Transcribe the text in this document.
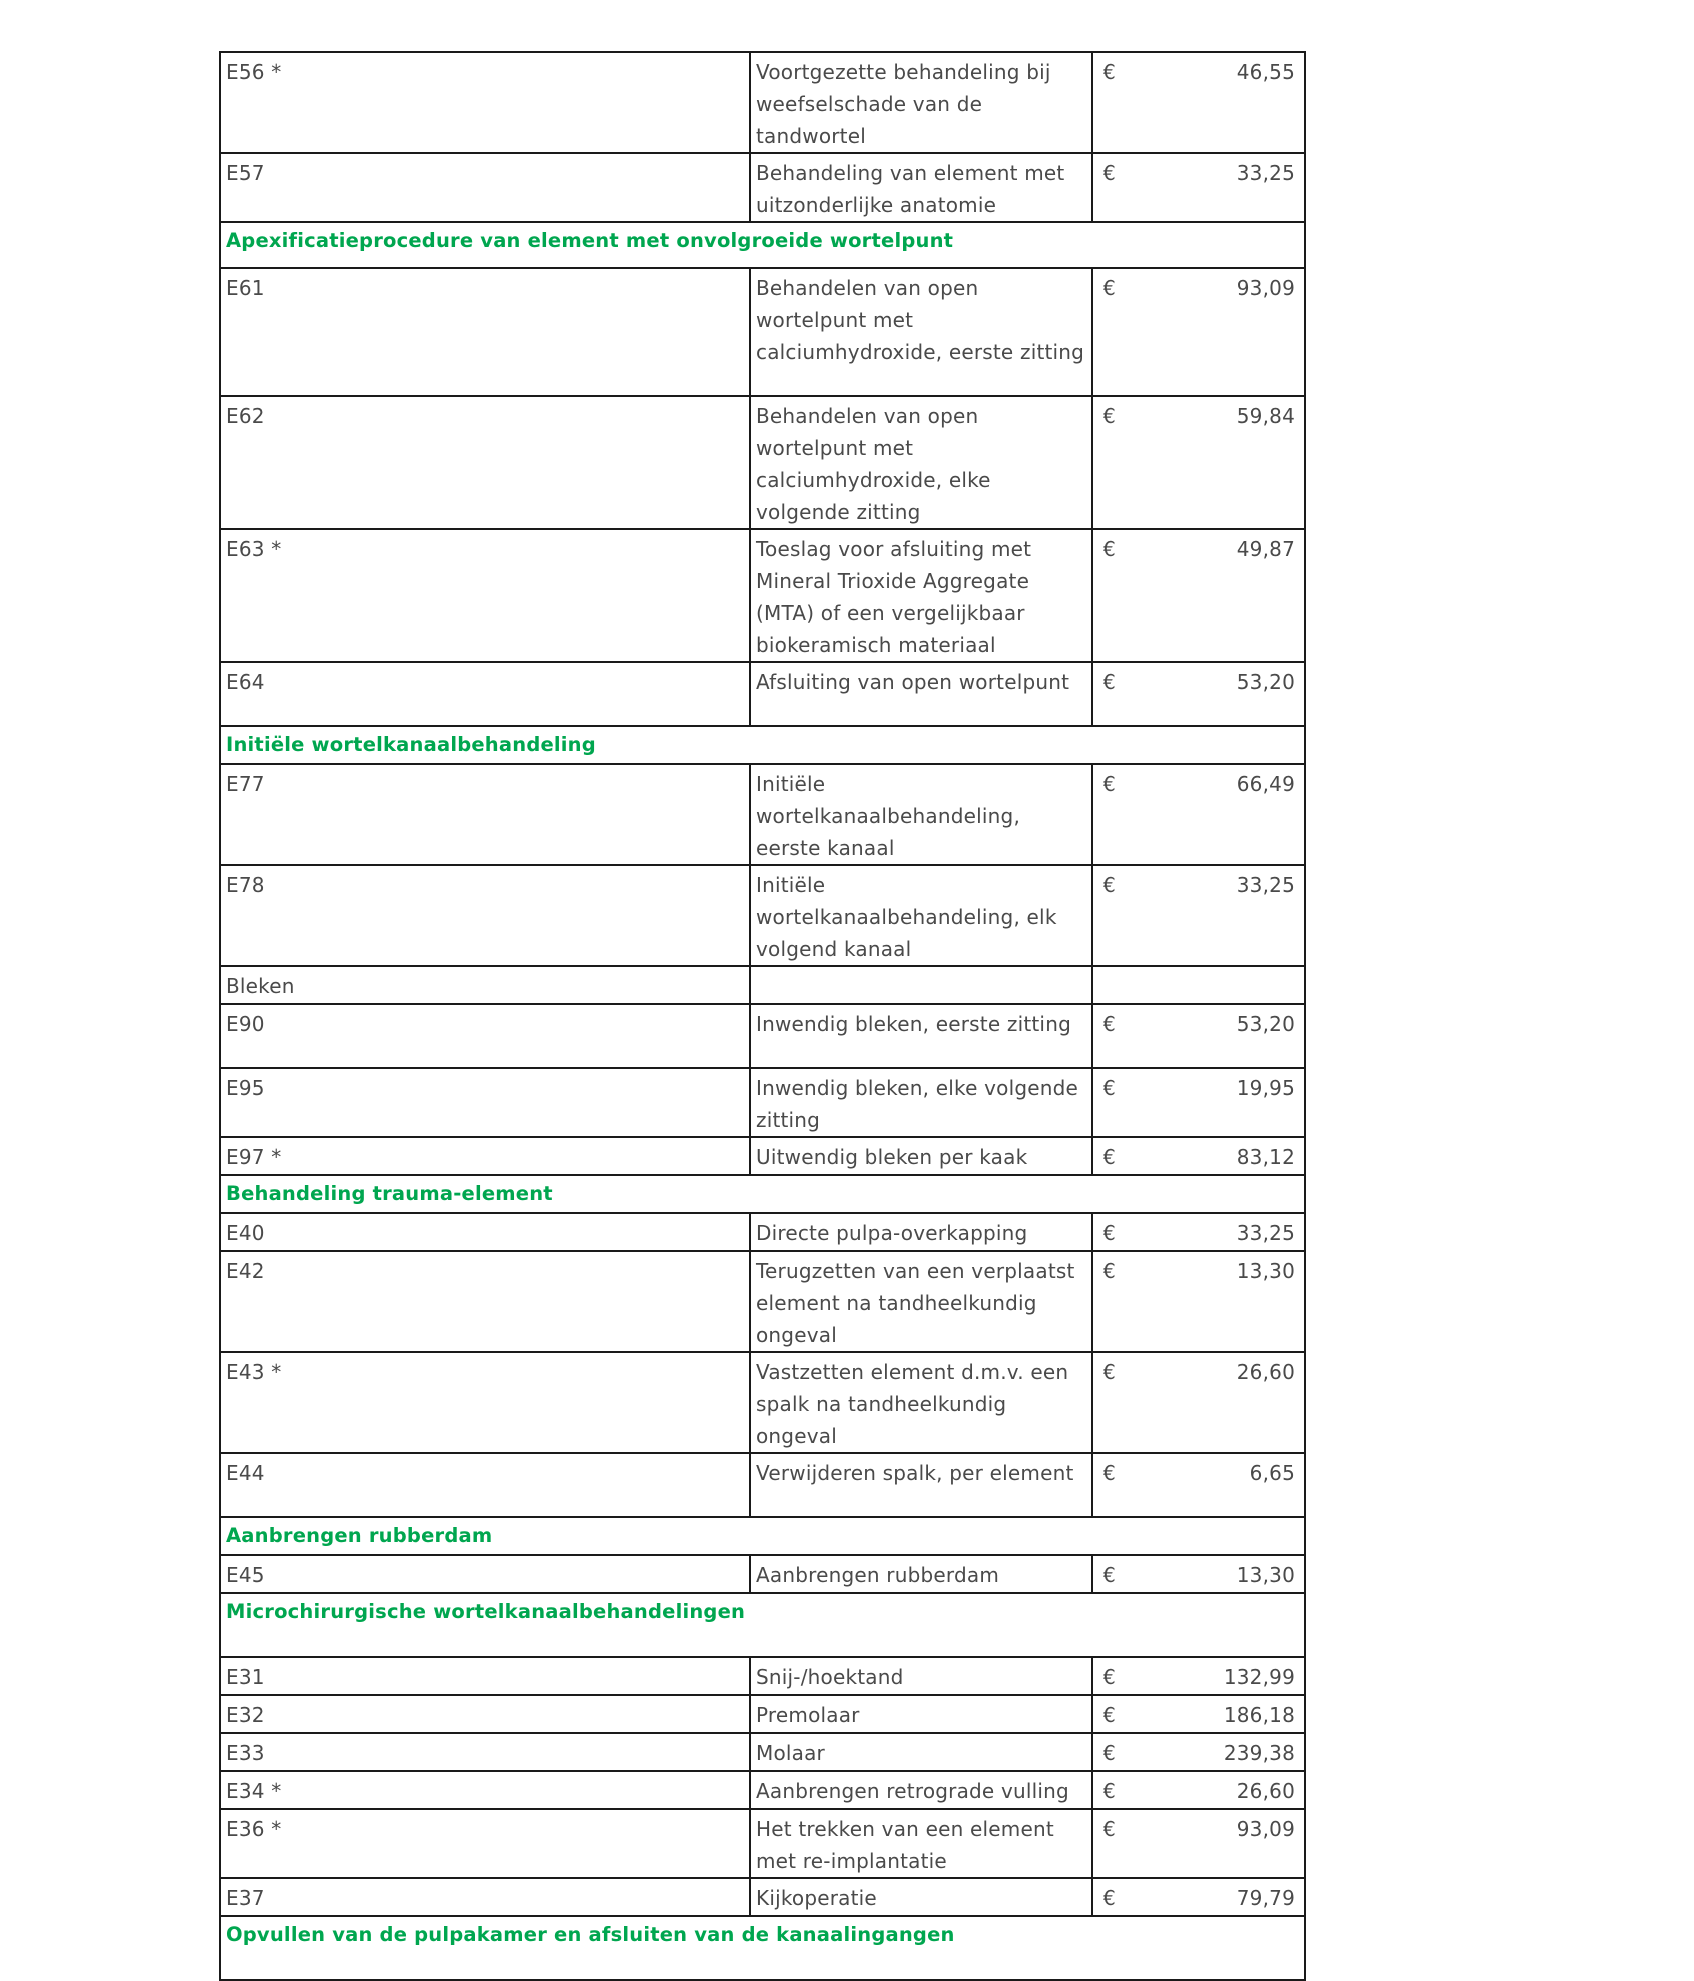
E56 *	Voortgezette behandeling bij weefselschade van de tandwortel	€ 46,55

E57	Behandeling van element met uitzonderlijke anatomie	€ 33,25

Apexificatieprocedure van element met onvolgroeide wortelpunt		
E61	Behandelen van open wortelpunt met calciumhydroxide, eerste zitting	€ 93,09

E62	Behandelen van open wortelpunt met calciumhydroxide, elke volgende zitting	€ 59,84

E63 *	Toeslag voor afsluiting met Mineral Trioxide Aggregate (MTA) of een vergelijkbaar biokeramisch materiaal	€ 49,87

E64	Afsluiting van open wortelpunt	€ 53,20

Initiële wortelkanaalbehandeling		
E77	Initiële wortelkanaalbehandeling, eerste kanaal	€ 66,49

E78	Initiële wortelkanaalbehandeling, elk volgend kanaal	€ 33,25

Bleken		
E90	Inwendig bleken, eerste zitting	€ 53,20

E95	Inwendig bleken, elke volgende zitting	€ 19,95

E97 *	Uitwendig bleken per kaak	€ 83,12

Behandeling trauma-element		
E40	Directe pulpa-overkapping	€ 33,25

E42	Terugzetten van een verplaatst element na tandheelkundig ongeval	€ 13,30

E43 *	Vastzetten element d.m.v. een spalk na tandheelkundig ongeval	€ 26,60

E44	Verwijderen spalk, per element	€ 6,65

Aanbrengen rubberdam		
E45	Aanbrengen rubberdam	€ 13,30

Microchirurgische wortelkanaalbehandelingen		
E31	Snij-/hoektand	€ 132,99

E32	Premolaar	€ 186,18

E33	Molaar	€ 239,38

E34 *	Aanbrengen retrograde vulling	€ 26,60

E36 *	Het trekken van een element met re-implantatie	€ 93,09

E37	Kijkoperatie	€ 79,79

Opvullen van de pulpakamer en afsluiten van de kanaalingangen		
